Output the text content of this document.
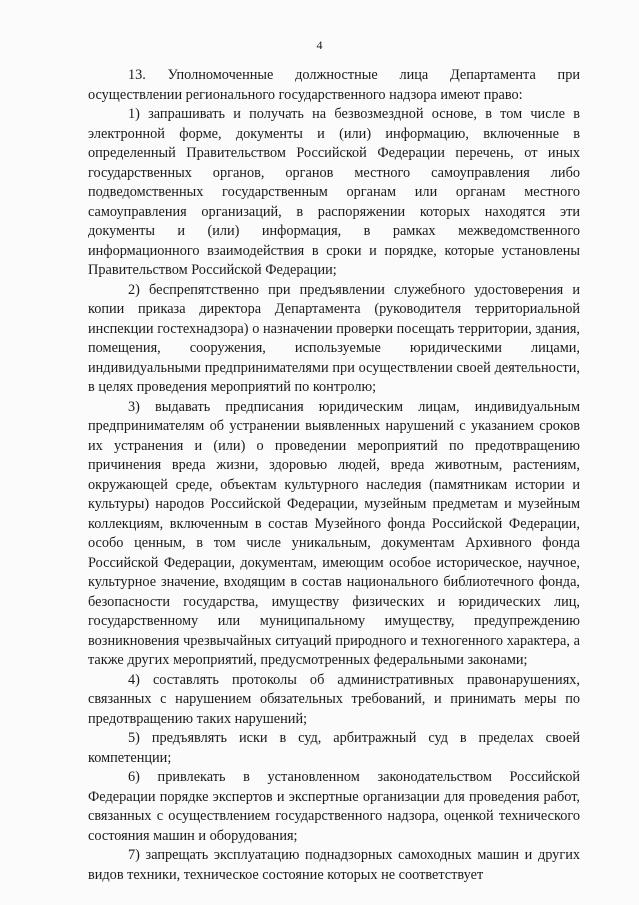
4

13. Уполномоченные должностные лица Департамента при осуществлении регионального государственного надзора имеют право:

1) запрашивать и получать на безвозмездной основе, в том числе в электронной форме, документы и (или) информацию, включенные в определенный Правительством Российской Федерации перечень, от иных государственных органов, органов местного самоуправления либо подведомственных государственным органам или органам местного самоуправления организаций, в распоряжении которых находятся эти документы и (или) информация, в рамках межведомственного информационного взаимодействия в сроки и порядке, которые установлены Правительством Российской Федерации;

2) беспрепятственно при предъявлении служебного удостоверения и копии приказа директора Департамента (руководителя территориальной инспекции гостехнадзора) о назначении проверки посещать территории, здания, помещения, сооружения, используемые юридическими лицами, индивидуальными предпринимателями при осуществлении своей деятельности, в целях проведения мероприятий по контролю;

3) выдавать предписания юридическим лицам, индивидуальным предпринимателям об устранении выявленных нарушений с указанием сроков их устранения и (или) о проведении мероприятий по предотвращению причинения вреда жизни, здоровью людей, вреда животным, растениям, окружающей среде, объектам культурного наследия (памятникам истории и культуры) народов Российской Федерации, музейным предметам и музейным коллекциям, включенным в состав Музейного фонда Российской Федерации, особо ценным, в том числе уникальным, документам Архивного фонда Российской Федерации, документам, имеющим особое историческое, научное, культурное значение, входящим в состав национального библиотечного фонда, безопасности государства, имуществу физических и юридических лиц, государственному или муниципальному имуществу, предупреждению возникновения чрезвычайных ситуаций природного и техногенного характера, а также других мероприятий, предусмотренных федеральными законами;

4) составлять протоколы об административных правонарушениях, связанных с нарушением обязательных требований, и принимать меры по предотвращению таких нарушений;

5) предъявлять иски в суд, арбитражный суд в пределах своей компетенции;

6) привлекать в установленном законодательством Российской Федерации порядке экспертов и экспертные организации для проведения работ, связанных с осуществлением государственного надзора, оценкой технического состояния машин и оборудования;

7) запрещать эксплуатацию поднадзорных самоходных машин и других видов техники, техническое состояние которых не соответствует
